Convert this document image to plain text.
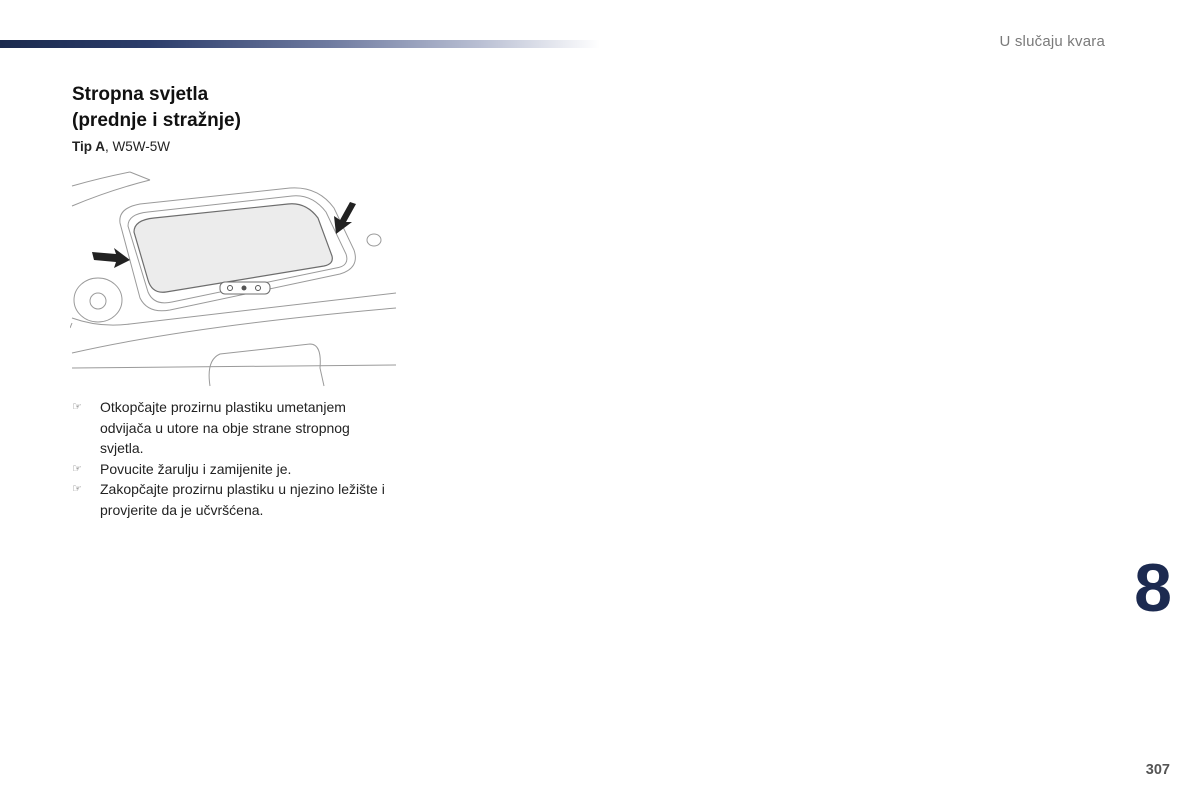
U slučaju kvara
Stropna svjetla
(prednje i stražnje)
Tip A, W5W-5W
☞ Otkopčajte prozirnu plastiku umetanjem odvijača u utore na obje strane stropnog svjetla.
☞ Povucite žarulju i zamijenite je.
☞ Zakopčajte prozirnu plastiku u njezino ležište i provjerite da je učvršćena.
8
307
